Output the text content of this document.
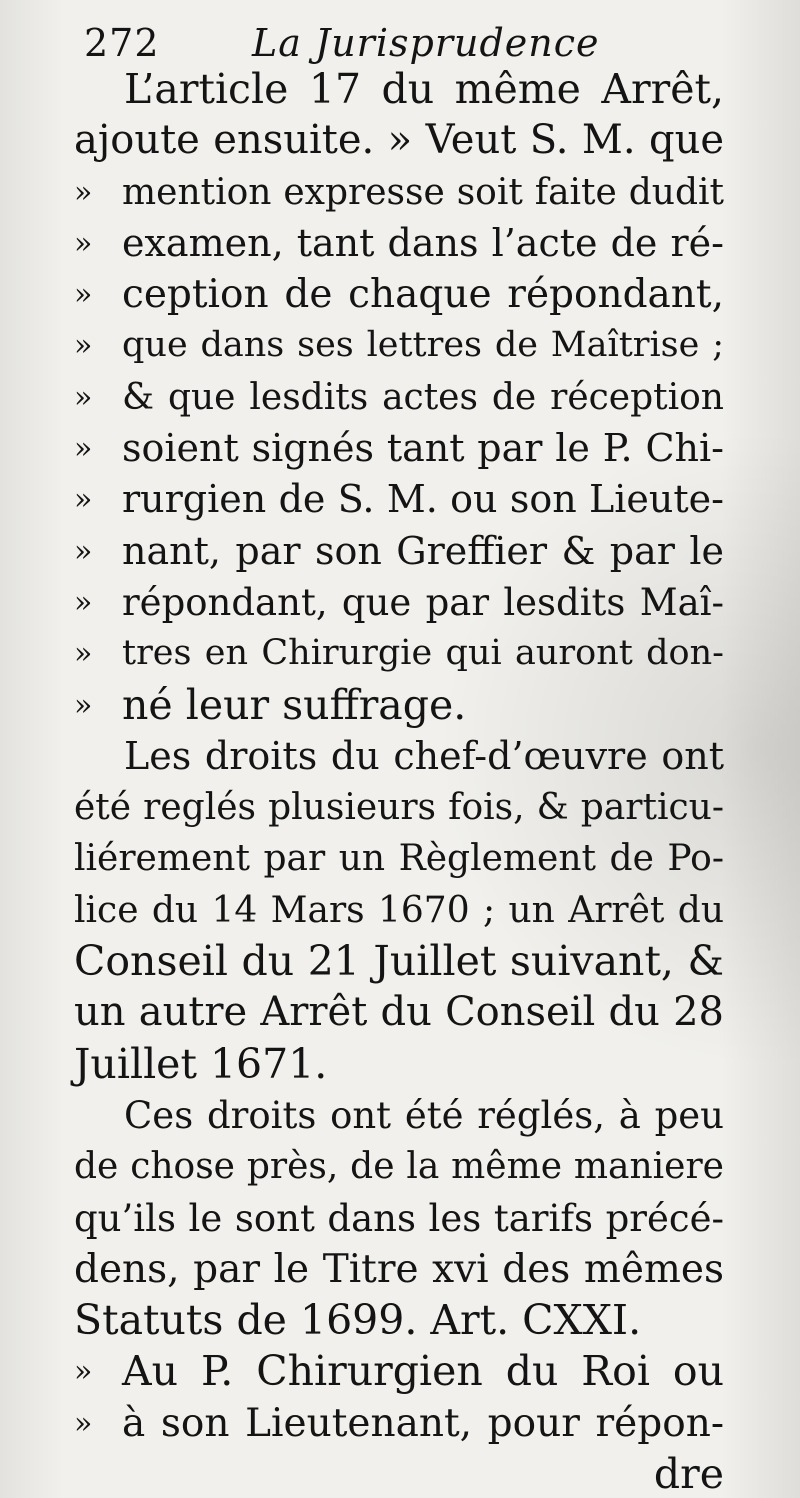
272 La Jurisprudence
L’article 17 du même Arrêt,
ajoute ensuite. » Veut S. M. que
» mention expresse soit faite dudit
» examen, tant dans l’acte de ré-
» ception de chaque répondant,
» que dans ses lettres de Maîtrise ;
» & que lesdits actes de réception
» soient signés tant par le P. Chi-
» rurgien de S. M. ou son Lieute-
» nant, par son Greffier & par le
» répondant, que par lesdits Maî-
» tres en Chirurgie qui auront don-
» né leur suffrage.
Les droits du chef-d’œuvre ont
été reglés plusieurs fois, & particu-
liérement par un Règlement de Po-
lice du 14 Mars 1670 ; un Arrêt du
Conseil du 21 Juillet suivant, &
un autre Arrêt du Conseil du 28
Juillet 1671.
Ces droits ont été réglés, à peu
de chose près, de la même maniere
qu’ils le sont dans les tarifs précé-
dens, par le Titre xvi des mêmes
Statuts de 1699. Art. CXXI.
» Au P. Chirurgien du Roi ou
» à son Lieutenant, pour répon-
dre
